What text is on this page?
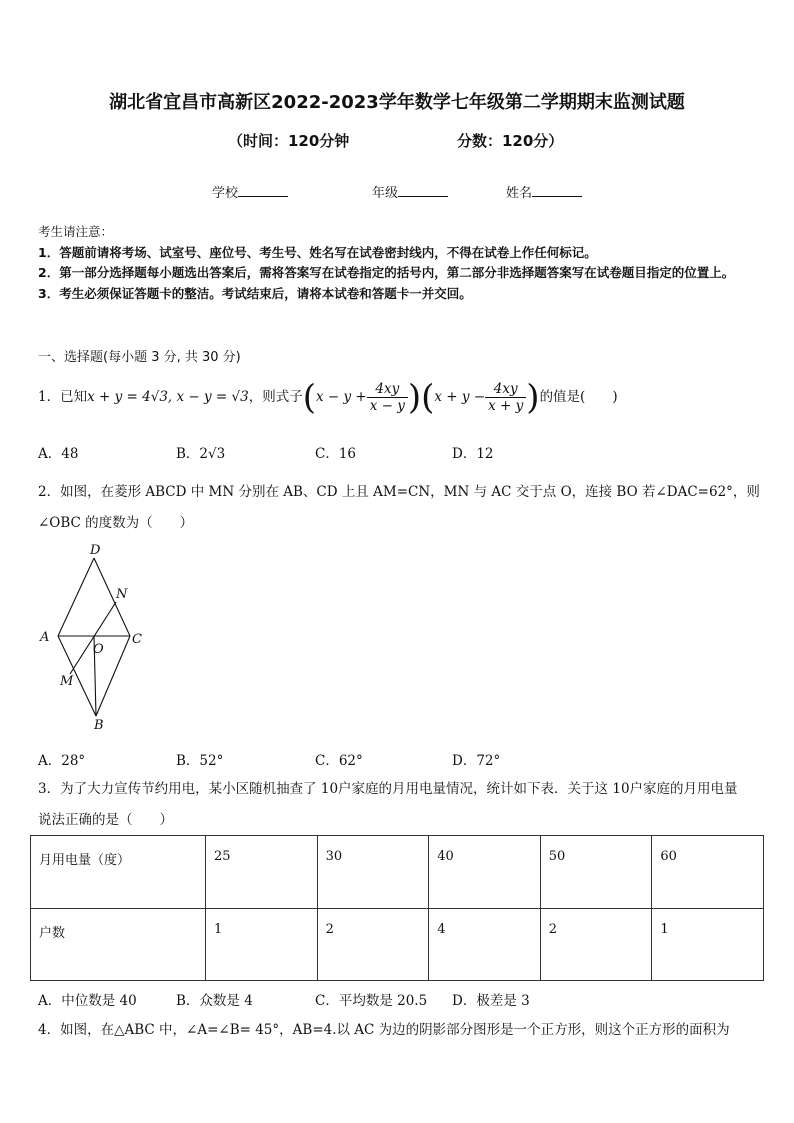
湖北省宜昌市高新区2022-2023学年数学七年级第二学期期末监测试题
（时间：120分钟	分数：120分）
学校	年级	姓名
考生请注意：
1．答题前请将考场、试室号、座位号、考生号、姓名写在试卷密封线内，不得在试卷上作任何标记。
2．第一部分选择题每小题选出答案后，需将答案写在试卷指定的括号内，第二部分非选择题答案写在试卷题目指定的位置上。
3．考生必须保证答题卡的整洁。考试结束后，请将本试卷和答题卡一并交回。
一、选择题(每小题 3 分, 共 30 分)
1．已知x + y = 4√3, x − y = √3，则式子$(x - y + \frac{4xy}{x - y} )(x + y - \frac{4xy}{x + y}$ )的值是(　　)
A．48	B．2√3	C．16	D．12
2．如图，在菱形 ABCD 中 MN 分别在 AB、CD 上且 AM=CN，MN 与 AC 交于点 O，连接 BO 若∠DAC=62°，则∠OBC 的度数为（　　）
D
N
A	C
O
M
B
A．28°	B．52°	C．62°	D．72°
3．为了大力宣传节约用电，某小区随机抽查了 10户家庭的月用电量情况，统计如下表．关于这 10户家庭的月用电量
说法正确的是（　　）
月用电量（度）	25	30	40	50	60
户数	1	2	4	2	1
A．中位数是 40	B．众数是 4	C．平均数是 20.5 D．极差是 3
4．如图，在△ABC 中，∠A=∠B= 45°，AB=4.以 AC 为边的阴影部分图形是一个正方形，则这个正方形的面积为
